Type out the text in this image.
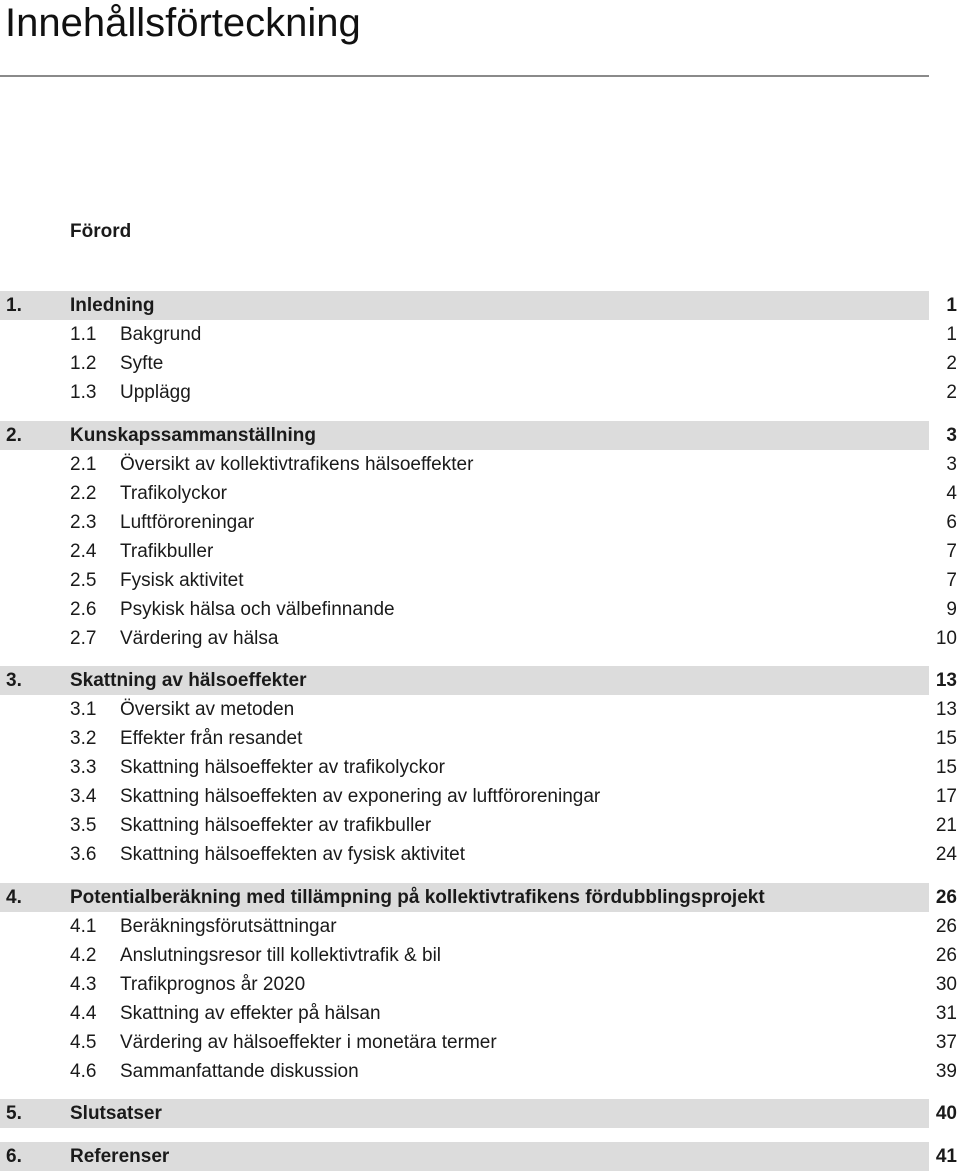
Innehållsförteckning
Förord
1.	Inledning	1
1.1 Bakgrund	1
1.2 Syfte	2
1.3 Upplägg	2
2.	Kunskapssammanställning	3
2.1 Översikt av kollektivtrafikens hälsoeffekter	3
2.2 Trafikolyckor	4
2.3 Luftföroreningar	6
2.4 Trafikbuller	7
2.5 Fysisk aktivitet	7
2.6 Psykisk hälsa och välbefinnande	9
2.7 Värdering av hälsa	10
3.	Skattning av hälsoeffekter	13
3.1 Översikt av metoden	13
3.2 Effekter från resandet	15
3.3 Skattning hälsoeffekter av trafikolyckor	15
3.4 Skattning hälsoeffekten av exponering av luftföroreningar	17
3.5 Skattning hälsoeffekter av trafikbuller	21
3.6 Skattning hälsoeffekten av fysisk aktivitet	24
4.	Potentialberäkning med tillämpning på kollektivtrafikens fördubblingsprojekt	26
4.1 Beräkningsförutsättningar	26
4.2 Anslutningsresor till kollektivtrafik & bil	26
4.3 Trafikprognos år 2020	30
4.4 Skattning av effekter på hälsan	31
4.5 Värdering av hälsoeffekter i monetära termer	37
4.6 Sammanfattande diskussion	39
5.	Slutsatser	40
6.	Referenser	41
